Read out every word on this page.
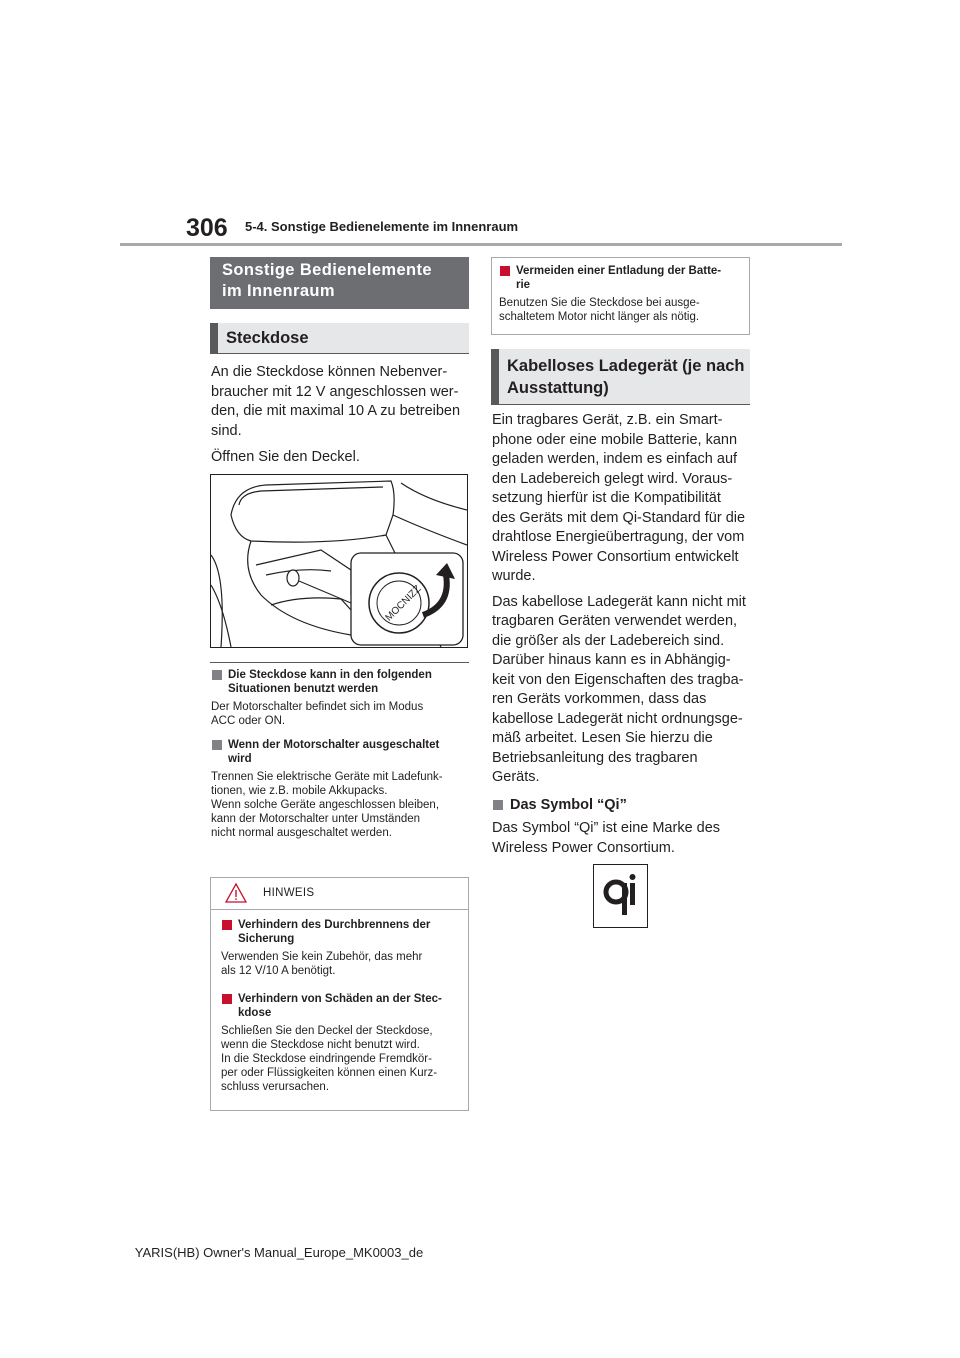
306 5-4. Sonstige Bedienelemente im Innenraum
Sonstige Bedienelemente
im Innenraum
Steckdose
An die Steckdose können Nebenver-
braucher mit 12 V angeschlossen wer-
den, die mit maximal 10 A zu betreiben
sind.
Öffnen Sie den Deckel.
MOCNIZZ
Die Steckdose kann in den folgenden
Situationen benutzt werden
Der Motorschalter befindet sich im Modus
ACC oder ON.
Wenn der Motorschalter ausgeschaltet
wird
Trennen Sie elektrische Geräte mit Ladefunk-
tionen, wie z.B. mobile Akkupacks.
Wenn solche Geräte angeschlossen bleiben,
kann der Motorschalter unter Umständen
nicht normal ausgeschaltet werden.
HINWEIS
Verhindern des Durchbrennens der
Sicherung
Verwenden Sie kein Zubehör, das mehr
als 12 V/10 A benötigt.
Verhindern von Schäden an der Stec-
kdose
Schließen Sie den Deckel der Steckdose,
wenn die Steckdose nicht benutzt wird.
In die Steckdose eindringende Fremdkör-
per oder Flüssigkeiten können einen Kurz-
schluss verursachen.
Vermeiden einer Entladung der Batte-
rie
Benutzen Sie die Steckdose bei ausge-
schaltetem Motor nicht länger als nötig.
Kabelloses Ladegerät (je nach
Ausstattung)
Ein tragbares Gerät, z.B. ein Smart-
phone oder eine mobile Batterie, kann
geladen werden, indem es einfach auf
den Ladebereich gelegt wird. Voraus-
setzung hierfür ist die Kompatibilität
des Geräts mit dem Qi-Standard für die
drahtlose Energieübertragung, der vom
Wireless Power Consortium entwickelt
wurde.
Das kabellose Ladegerät kann nicht mit
tragbaren Geräten verwendet werden,
die größer als der Ladebereich sind.
Darüber hinaus kann es in Abhängig-
keit von den Eigenschaften des tragba-
ren Geräts vorkommen, dass das
kabellose Ladegerät nicht ordnungsge-
mäß arbeitet. Lesen Sie hierzu die
Betriebsanleitung des tragbaren
Geräts.
Das Symbol “Qi”
Das Symbol “Qi” ist eine Marke des
Wireless Power Consortium.
YARIS(HB) Owner's Manual_Europe_MK0003_de
